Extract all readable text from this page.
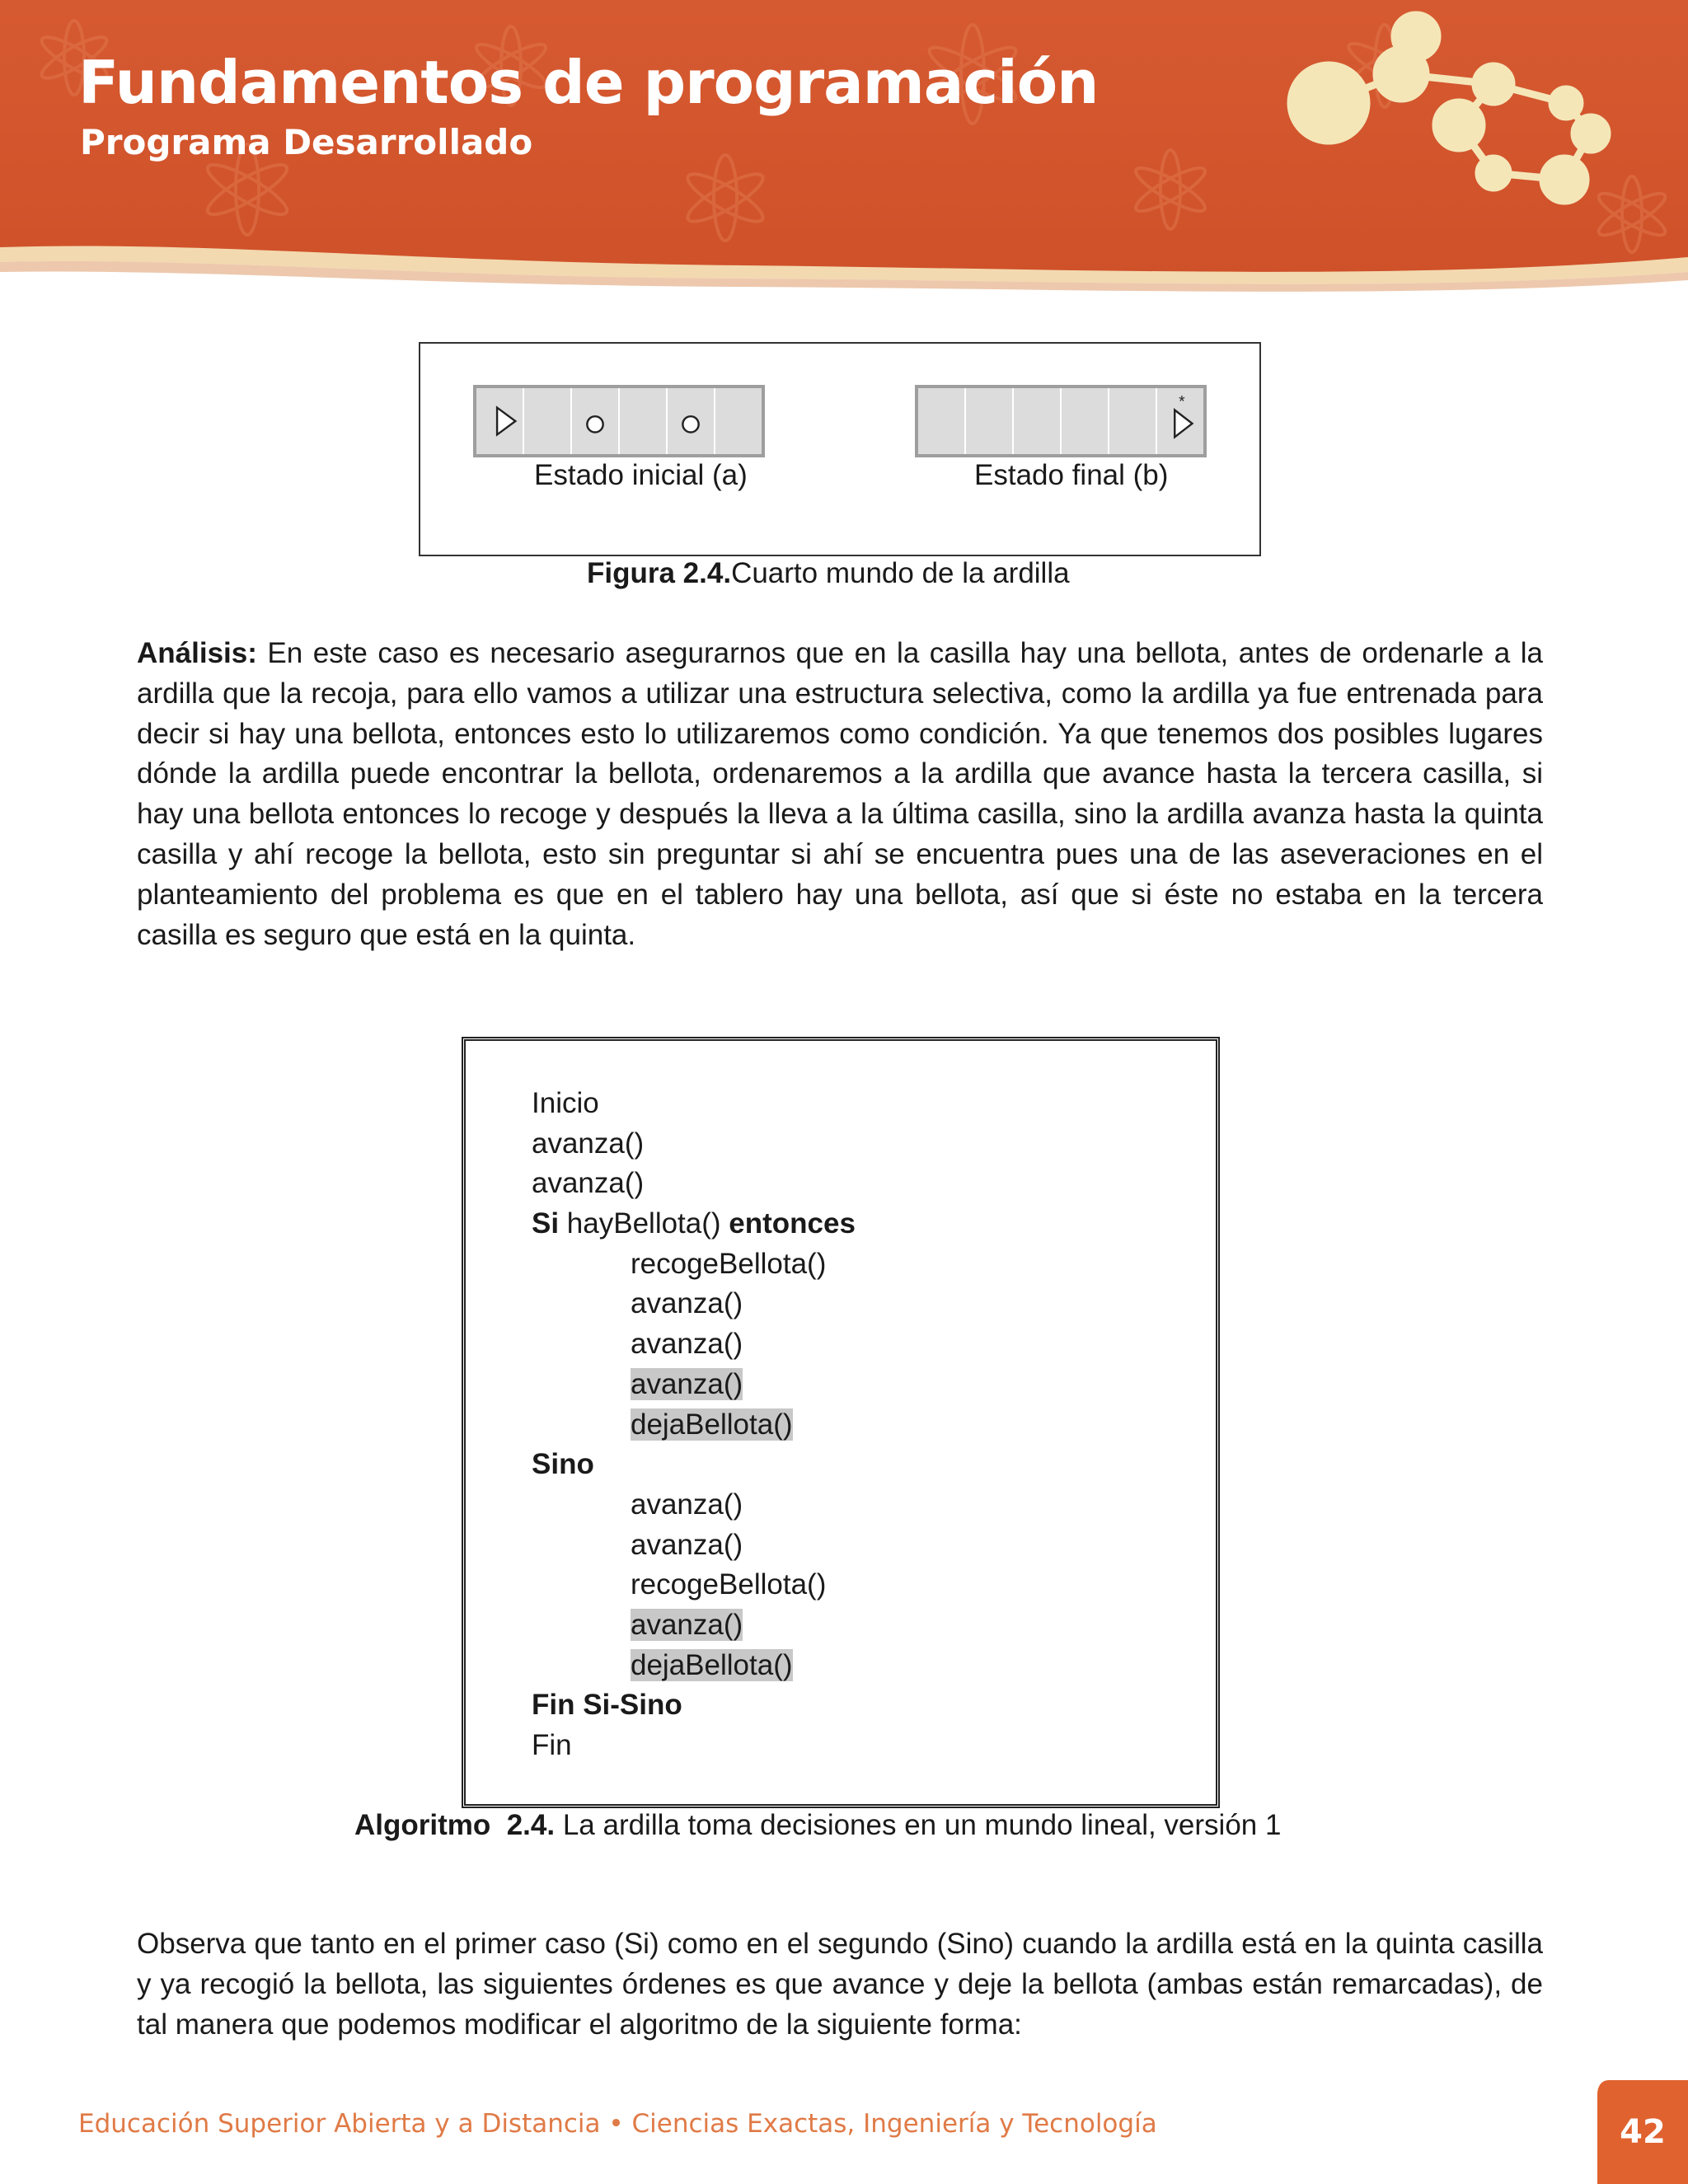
Fundamentos de programación
Programa Desarrollado
Estado inicial (a)
*
Estado final (b)
Figura 2.4.Cuarto mundo de la ardilla

Análisis: En este caso es necesario asegurarnos que en la casilla hay una bellota, antes de ordenarle a la ardilla que la recoja, para ello vamos a utilizar una estructura selectiva, como la ardilla ya fue entrenada para decir si hay una bellota, entonces esto lo utilizaremos como condición. Ya que tenemos dos posibles lugares dónde la ardilla puede encontrar la bellota, ordenaremos a la ardilla que avance hasta la tercera casilla, si hay una bellota entonces lo recoge y después la lleva a la última casilla, sino la ardilla avanza hasta la quinta casilla y ahí recoge la bellota, esto sin preguntar si ahí se encuentra pues una de las aseveraciones en el planteamiento del problema es que en el tablero hay una bellota, así que si éste no estaba en la tercera casilla es seguro que está en la quinta.

Inicio
avanza()
avanza()
Si hayBellota() entonces
recogeBellota()
avanza()
avanza()
avanza()
dejaBellota()
Sino
avanza()
avanza()
recogeBellota()
avanza()
dejaBellota()
Fin Si-Sino
Fin
Algoritmo  2.4. La ardilla toma decisiones en un mundo lineal, versión 1

Observa que tanto en el primer caso (Si) como en el segundo (Sino) cuando la ardilla está en la quinta casilla y ya recogió la bellota, las siguientes órdenes es que avance y deje la bellota (ambas están remarcadas), de tal manera que podemos modificar el algoritmo de la siguiente forma:

Educación Superior Abierta y a Distancia • Ciencias Exactas, Ingeniería y Tecnología	42
